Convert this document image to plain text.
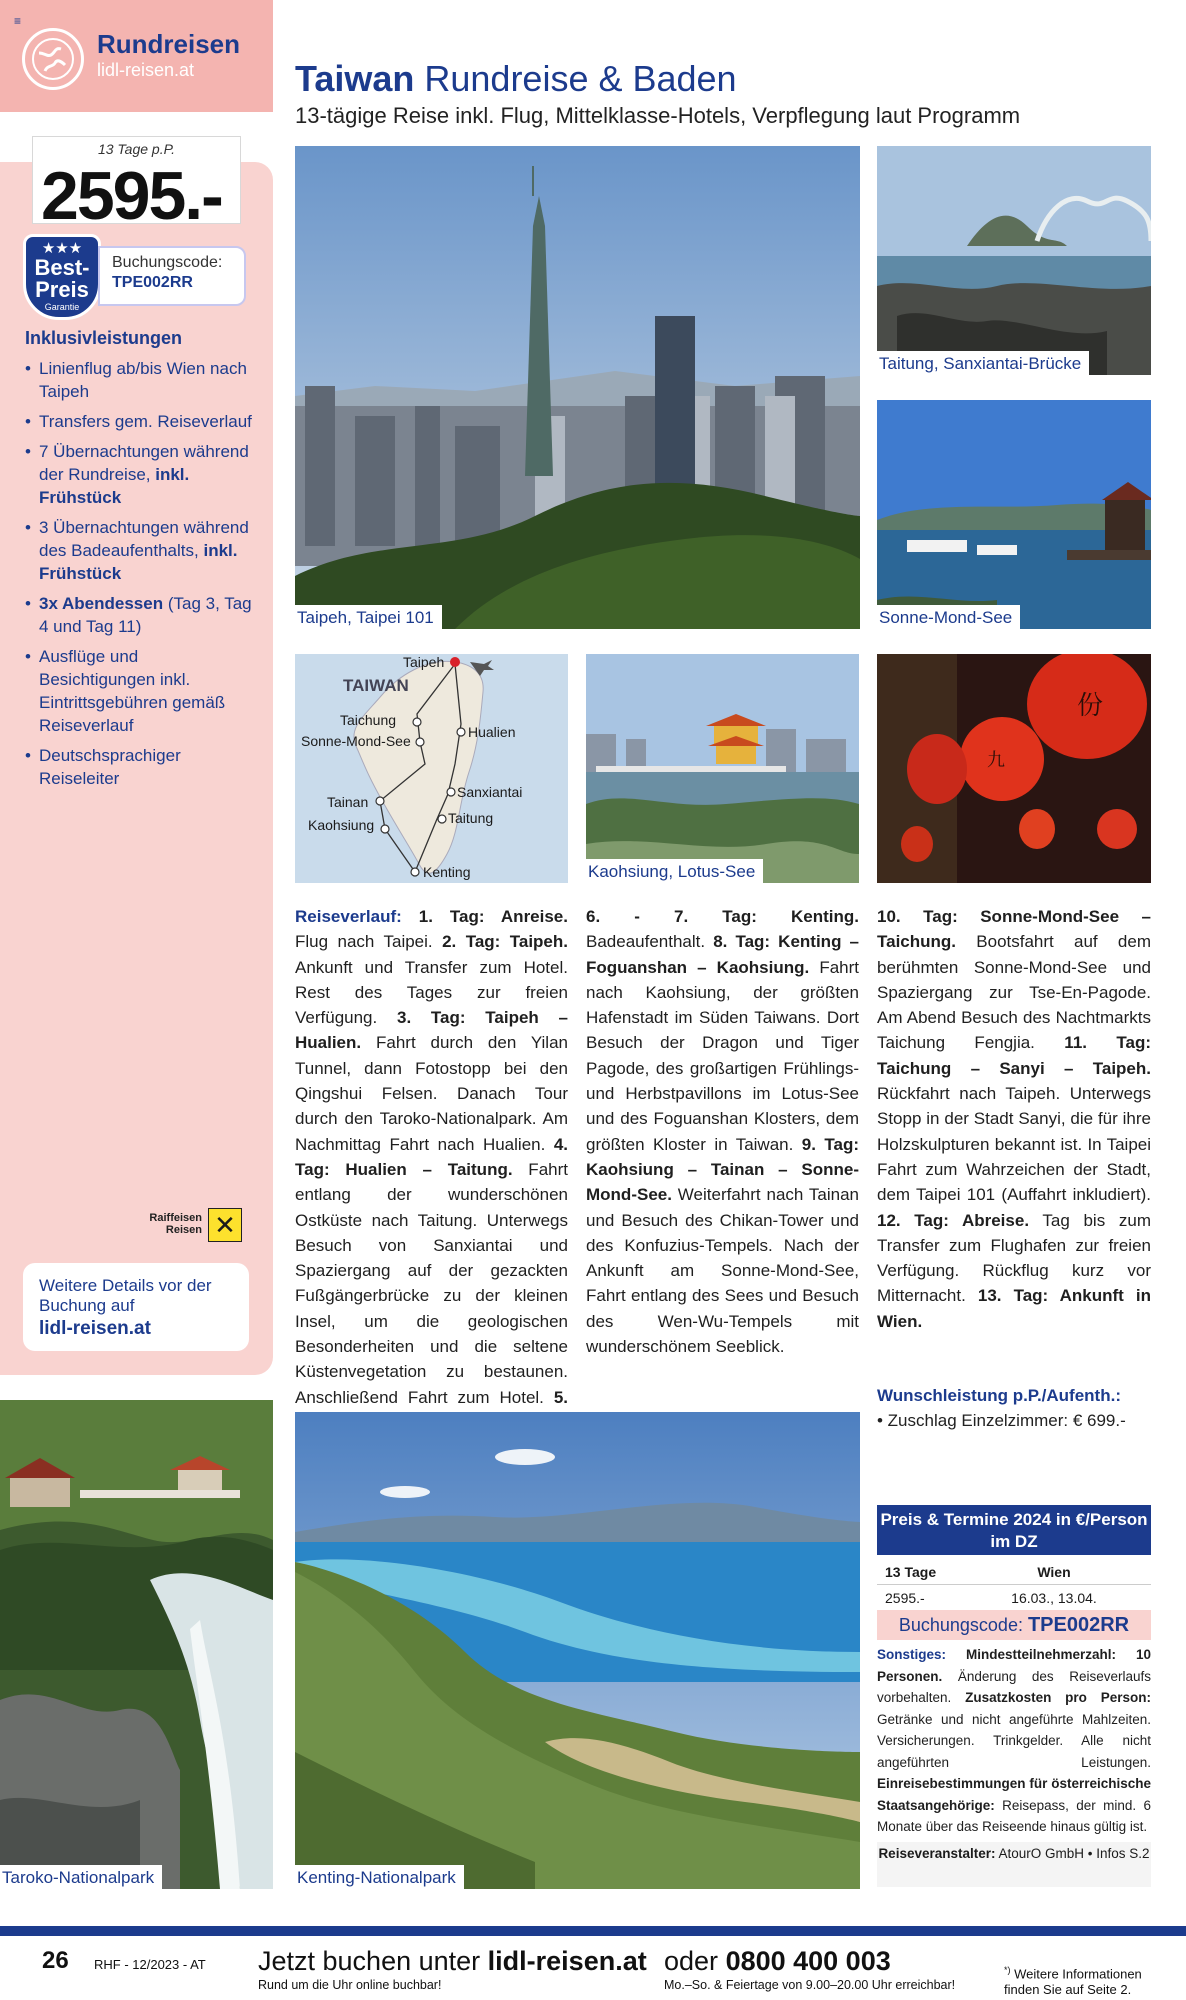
≡
Rundreisen
lidl-reisen.at
13 Tage p.P.
2595.-
★★★
Best-
Preis
Garantie
Buchungscode:
TPE002RR
Inklusivleistungen
• Linienflug ab/bis Wien nach Taipeh
• Transfers gem. Reiseverlauf
• 7 Übernachtungen während der Rundreise, inkl. Frühstück
• 3 Übernachtungen während des Badeaufenthalts, inkl. Frühstück
• 3x Abendessen (Tag 3, Tag 4 und Tag 11)
• Ausflüge und Besichtigungen inkl. Eintrittsgebühren gemäß Reiseverlauf
• Deutschsprachiger Reiseleiter
Raiffeisen Reisen ✕
Weitere Details vor der Buchung auf
lidl-reisen.at
Taroko-Nationalpark
Taiwan Rundreise & Baden
13-tägige Reise inkl. Flug, Mittelklasse-Hotels, Verpflegung laut Programm
Taipeh, Taipei 101
Taitung, Sanxiantai-Brücke
Sonne-Mond-See
TAIWAN
Taipeh
Taichung
Sonne-Mond-See
Hualien
Sanxiantai
Tainan
Taitung
Kaohsiung
Kenting	Kaohsiung, Lotus-See
份
九
Reiseverlauf: 1. Tag: Anreise. Flug nach Taipei. 2. Tag: Taipeh. Ankunft und Transfer zum Hotel. Rest des Tages zur freien Verfügung. 3. Tag: Taipeh – Hualien. Fahrt durch den Yilan Tunnel, dann Fotostopp bei den Qingshui Felsen. Danach Tour durch den Taroko-Nationalpark. Am Nachmittag Fahrt nach Hualien. 4. Tag: Hualien – Taitung. Fahrt entlang der wunderschönen Ostküste nach Taitung. Unterwegs Besuch von Sanxiantai und Spaziergang auf der gezackten Fußgängerbrücke zu der kleinen Insel, um die geologischen Besonderheiten und die seltene Küstenvegetation zu bestaunen. Anschließend Fahrt zum Hotel. 5.
6. - 7. Tag: Kenting. Badeaufenthalt. 8. Tag: Kenting – Foguanshan – Kaohsiung. Fahrt nach Kaohsiung, der größten Hafenstadt im Süden Taiwans. Dort Besuch der Dragon und Tiger Pagode, des großartigen Frühlings- und Herbstpavillons im Lotus-See und des Foguanshan Klosters, dem größten Kloster in Taiwan. 9. Tag: Kaohsiung – Tainan – Sonne-Mond-See. Weiterfahrt nach Tainan und Besuch des Chikan-Tower und des Konfuzius-Tempels. Nach der Ankunft am Sonne-Mond-See, Fahrt entlang des Sees und Besuch des Wen-Wu-Tempels mit wunderschönem Seeblick.
10. Tag: Sonne-Mond-See – Taichung. Bootsfahrt auf dem berühmten Sonne-Mond-See und Spaziergang zur Tse-En-Pagode. Am Abend Besuch des Nachtmarkts Taichung Fengjia. 11. Tag: Taichung – Sanyi – Taipeh. Rückfahrt nach Taipeh. Unterwegs Stopp in der Stadt Sanyi, die für ihre Holzskulpturen bekannt ist. In Taipei Fahrt zum Wahrzeichen der Stadt, dem Taipei 101 (Auffahrt inkludiert). 12. Tag: Abreise. Tag bis zum Transfer zum Flughafen zur freien Verfügung. Rückflug kurz vor Mitternacht. 13. Tag: Ankunft in Wien.
Wunschleistung p.P./Aufenth.:
• Zuschlag Einzelzimmer: € 699.-
Kenting-Nationalpark
Preis & Termine 2024 in €/Person im DZ
13 Tage	Wien
2595.-	16.03., 13.04.
Buchungscode: TPE002RR
Sonstiges: Mindestteilnehmerzahl: 10 Personen. Änderung des Reiseverlaufs vorbehalten. Zusatzkosten pro Person: Getränke und nicht angeführte Mahlzeiten. Versicherungen. Trinkgelder. Alle nicht angeführten Leistungen. Einreisebestimmungen für österreichische Staatsangehörige: Reisepass, der mind. 6 Monate über das Reiseende hinaus gültig ist.
Reiseveranstalter: AtourO GmbH • Infos S.2
26 RHF - 12/2023 - AT Jetzt buchen unter lidl-reisen.at
Rund um die Uhr online buchbar!
oder 0800 400 003
Mo.–So. & Feiertage von 9.00–20.00 Uhr erreichbar!
*) Weitere Informationen
finden Sie auf Seite 2.
